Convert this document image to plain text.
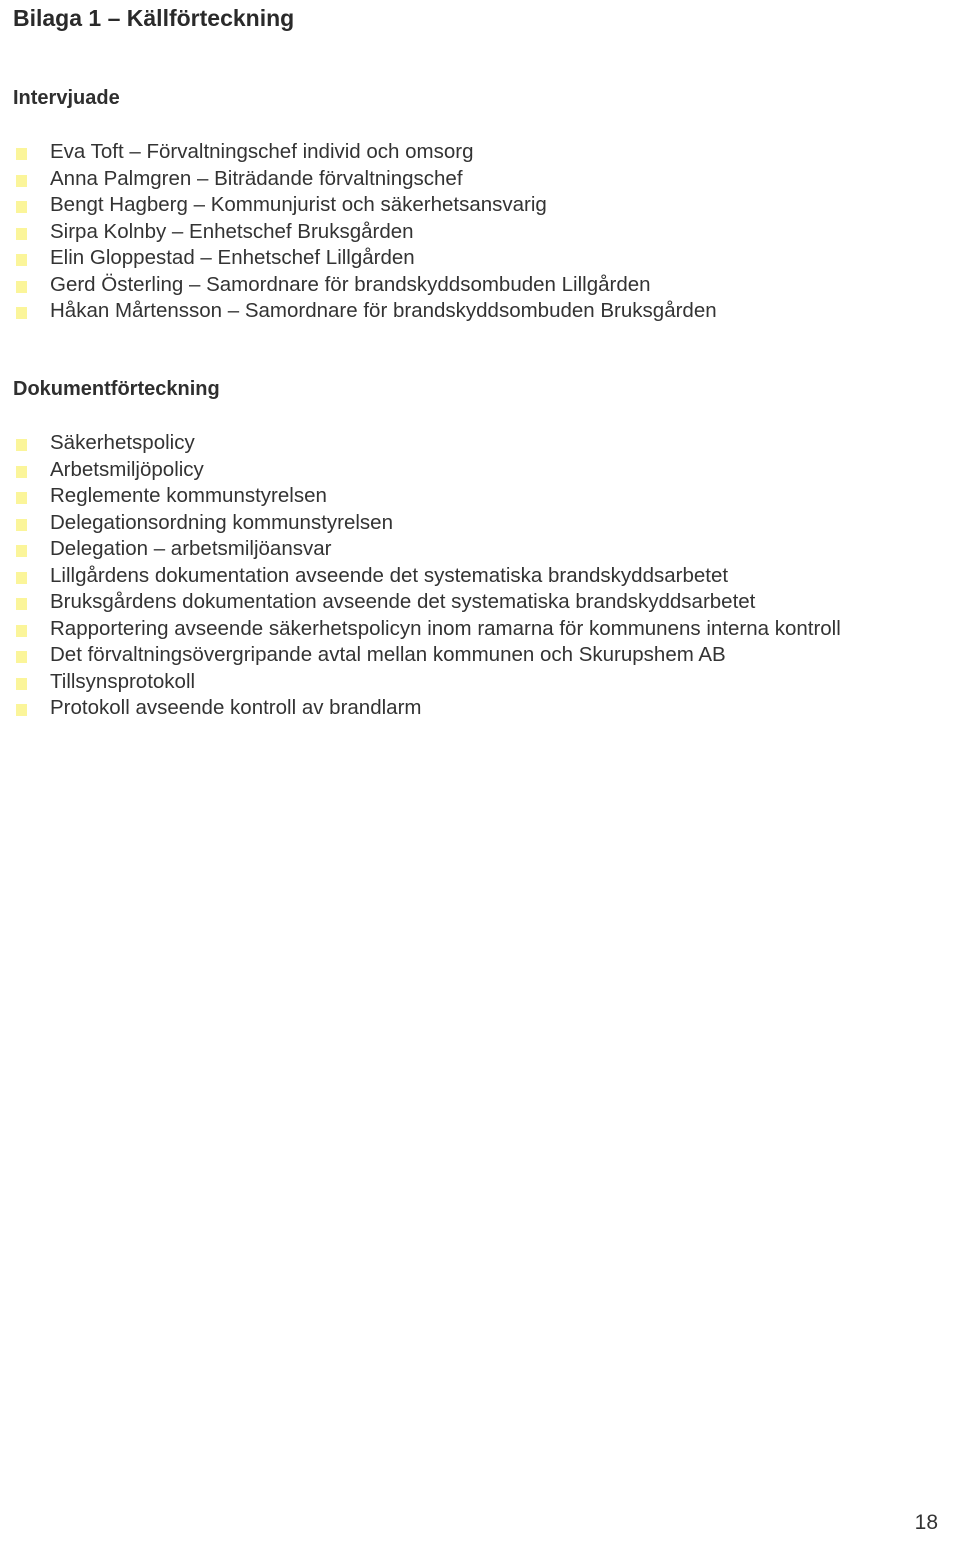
Bilaga 1 – Källförteckning
Intervjuade
Eva Toft – Förvaltningschef individ och omsorg
Anna Palmgren – Biträdande förvaltningschef
Bengt Hagberg – Kommunjurist och säkerhetsansvarig
Sirpa Kolnby – Enhetschef Bruksgården
Elin Gloppestad – Enhetschef Lillgården
Gerd Österling – Samordnare för brandskyddsombuden Lillgården
Håkan Mårtensson – Samordnare för brandskyddsombuden Bruksgården
Dokumentförteckning
Säkerhetspolicy
Arbetsmiljöpolicy
Reglemente kommunstyrelsen
Delegationsordning kommunstyrelsen
Delegation – arbetsmiljöansvar
Lillgårdens dokumentation avseende det systematiska brandskyddsarbetet
Bruksgårdens dokumentation avseende det systematiska brandskyddsarbetet
Rapportering avseende säkerhetspolicyn inom ramarna för kommunens interna kontroll
Det förvaltningsövergripande avtal mellan kommunen och Skurupshem AB
Tillsynsprotokoll
Protokoll avseende kontroll av brandlarm
18
